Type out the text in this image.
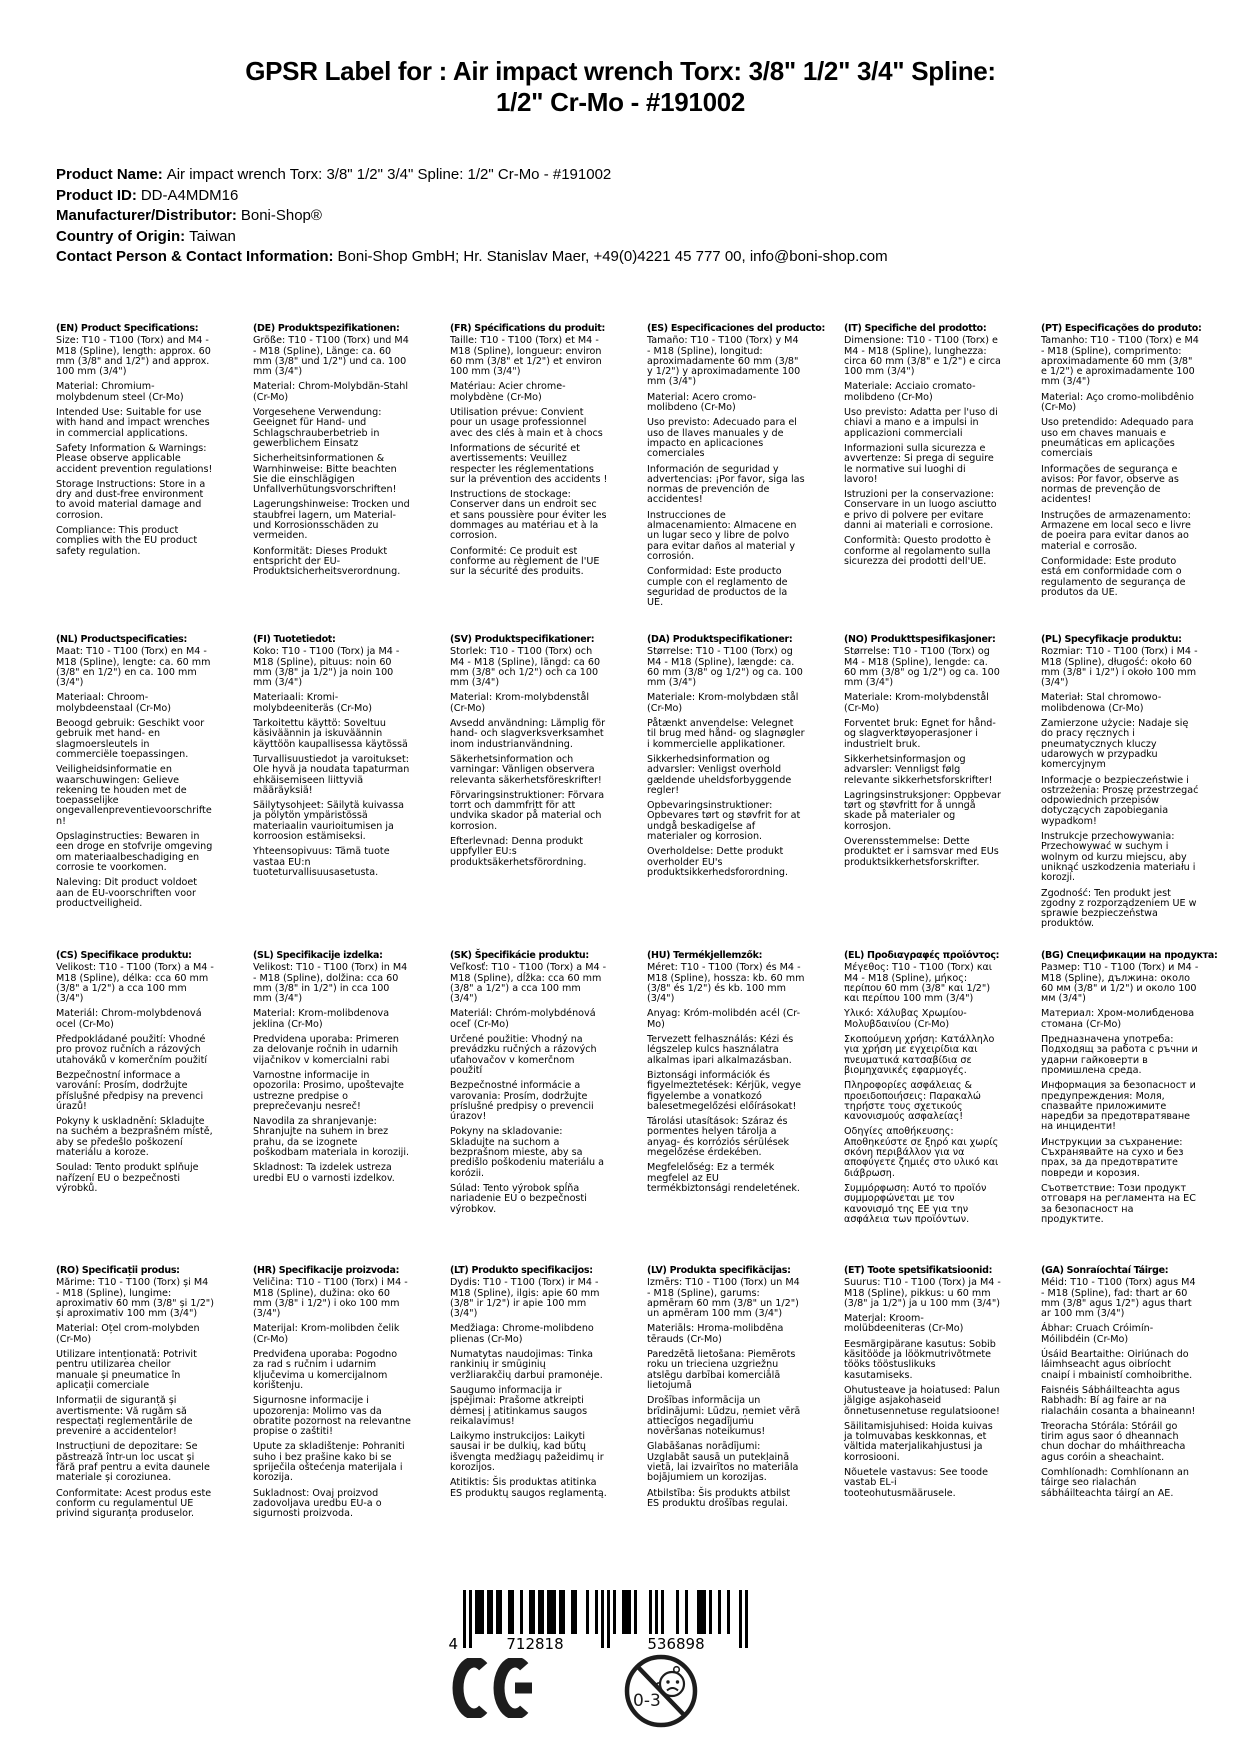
GPSR Label for : Air impact wrench Torx: 3/8" 1/2" 3/4" Spline:
1/2" Cr-Mo - #191002
Product Name: Air impact wrench Torx: 3/8" 1/2" 3/4" Spline: 1/2" Cr-Mo - #191002
Product ID: DD-A4MDM16
Manufacturer/Distributor: Boni-Shop®
Country of Origin: Taiwan
Contact Person & Contact Information: Boni-Shop GmbH; Hr. Stanislav Maer, +49(0)4221 45 777 00, info@boni-shop.com
(EN) Product Specifications:

Size: T10 - T100 (Torx) and M4 - M18 (Spline), length: approx. 60 mm (3/8" and 1/2") and approx. 100 mm (3/4")

Material: Chromium-molybdenum steel (Cr-Mo)

Intended Use: Suitable for use with hand and impact wrenches in commercial applications.

Safety Information & Warnings: Please observe applicable accident prevention regulations!

Storage Instructions: Store in a dry and dust-free environment to avoid material damage and corrosion.

Compliance: This product complies with the EU product safety regulation.

(DE) Produktspezifikationen:

Größe: T10 - T100 (Torx) und M4 - M18 (Spline), Länge: ca. 60 mm (3/8" und 1/2") und ca. 100 mm (3/4")

Material: Chrom-Molybdän-Stahl (Cr-Mo)

Vorgesehene Verwendung: Geeignet für Hand- und Schlagschrauberbetrieb in gewerblichem Einsatz

Sicherheitsinformationen & Warnhinweise: Bitte beachten Sie die einschlägigen Unfallverhütungsvorschriften!

Lagerungshinweise: Trocken und staubfrei lagern, um Material- und Korrosionsschäden zu vermeiden.

Konformität: Dieses Produkt entspricht der EU-Produktsicherheitsverordnung.

(FR) Spécifications du produit:

Taille: T10 - T100 (Torx) et M4 - M18 (Spline), longueur: environ 60 mm (3/8" et 1/2") et environ 100 mm (3/4")

Matériau: Acier chrome-molybdène (Cr-Mo)

Utilisation prévue: Convient pour un usage professionnel avec des clés à main et à chocs

Informations de sécurité et avertissements: Veuillez respecter les réglementations sur la prévention des accidents !

Instructions de stockage: Conserver dans un endroit sec et sans poussière pour éviter les dommages au matériau et à la corrosion.

Conformité: Ce produit est conforme au règlement de l'UE sur la sécurité des produits.

(ES) Especificaciones del producto:

Tamaño: T10 - T100 (Torx) y M4 - M18 (Spline), longitud: aproximadamente 60 mm (3/8" y 1/2") y aproximadamente 100 mm (3/4")

Material: Acero cromo-molibdeno (Cr-Mo)

Uso previsto: Adecuado para el uso de llaves manuales y de impacto en aplicaciones comerciales

Información de seguridad y advertencias: ¡Por favor, siga las normas de prevención de accidentes!

Instrucciones de almacenamiento: Almacene en un lugar seco y libre de polvo para evitar daños al material y corrosión.

Conformidad: Este producto cumple con el reglamento de seguridad de productos de la UE.

(IT) Specifiche del prodotto:

Dimensione: T10 - T100 (Torx) e M4 - M18 (Spline), lunghezza: circa 60 mm (3/8" e 1/2") e circa 100 mm (3/4")

Materiale: Acciaio cromato-molibdeno (Cr-Mo)

Uso previsto: Adatta per l'uso di chiavi a mano e a impulsi in applicazioni commerciali

Informazioni sulla sicurezza e avvertenze: Si prega di seguire le normative sui luoghi di lavoro!

Istruzioni per la conservazione: Conservare in un luogo asciutto e privo di polvere per evitare danni ai materiali e corrosione.

Conformità: Questo prodotto è conforme al regolamento sulla sicurezza dei prodotti dell'UE.

(PT) Especificações do produto:

Tamanho: T10 - T100 (Torx) e M4 - M18 (Spline), comprimento: aproximadamente 60 mm (3/8" e 1/2") e aproximadamente 100 mm (3/4")

Material: Aço cromo-molibdênio (Cr-Mo)

Uso pretendido: Adequado para uso em chaves manuais e pneumáticas em aplicações comerciais

Informações de segurança e avisos: Por favor, observe as normas de prevenção de acidentes!

Instruções de armazenamento: Armazene em local seco e livre de poeira para evitar danos ao material e corrosão.

Conformidade: Este produto está em conformidade com o regulamento de segurança de produtos da UE.

(NL) Productspecificaties:

Maat: T10 - T100 (Torx) en M4 - M18 (Spline), lengte: ca. 60 mm (3/8" en 1/2") en ca. 100 mm (3/4")

Materiaal: Chroom-molybdeenstaal (Cr-Mo)

Beoogd gebruik: Geschikt voor gebruik met hand- en slagmoersleutels in commerciële toepassingen.

Veiligheidsinformatie en waarschuwingen: Gelieve rekening te houden met de toepasselijke ongevallenpreventievoorschriften!

Opslaginstructies: Bewaren in een droge en stofvrije omgeving om materiaalbeschadiging en corrosie te voorkomen.

Naleving: Dit product voldoet aan de EU-voorschriften voor productveiligheid.

(FI) Tuotetiedot:

Koko: T10 - T100 (Torx) ja M4 - M18 (Spline), pituus: noin 60 mm (3/8" ja 1/2") ja noin 100 mm (3/4")

Materiaali: Kromi-molybdeeniteräs (Cr-Mo)

Tarkoitettu käyttö: Soveltuu käsiväännin ja iskuväännin käyttöön kaupallisessa käytössä

Turvallisuustiedot ja varoitukset: Ole hyvä ja noudata tapaturman ehkäisemiseen liittyviä määräyksiä!

Säilytysohjeet: Säilytä kuivassa ja pölytön ympäristössä materiaalin vaurioitumisen ja korroosion estämiseksi.

Yhteensopivuus: Tämä tuote vastaa EU:n tuoteturvallisuusasetusta.

(SV) Produktspecifikationer:

Storlek: T10 - T100 (Torx) och M4 - M18 (Spline), längd: ca 60 mm (3/8" och 1/2") och ca 100 mm (3/4")

Material: Krom-molybdenstål (Cr-Mo)

Avsedd användning: Lämplig för hand- och slagverksverksamhet inom industrianvändning.

Säkerhetsinformation och varningar: Vänligen observera relevanta säkerhetsföreskrifter!

Förvaringsinstruktioner: Förvara torrt och dammfritt för att undvika skador på material och korrosion.

Efterlevnad: Denna produkt uppfyller EU:s produktsäkerhetsförordning.

(DA) Produktspecifikationer:

Størrelse: T10 - T100 (Torx) og M4 - M18 (Spline), længde: ca. 60 mm (3/8" og 1/2") og ca. 100 mm (3/4")

Materiale: Krom-molybdæn stål (Cr-Mo)

Påtænkt anvendelse: Velegnet til brug med hånd- og slagnøgler i kommercielle applikationer.

Sikkerhedsinformation og advarsler: Venligst overhold gældende uheldsforbyggende regler!

Opbevaringsinstruktioner: Opbevares tørt og støvfrit for at undgå beskadigelse af materialer og korrosion.

Overholdelse: Dette produkt overholder EU's produktsikkerhedsforordning.

(NO) Produkttspesifikasjoner:

Størrelse: T10 - T100 (Torx) og M4 - M18 (Spline), lengde: ca. 60 mm (3/8" og 1/2") og ca. 100 mm (3/4")

Materiale: Krom-molybdenstål (Cr-Mo)

Forventet bruk: Egnet for hånd- og slagverktøyoperasjoner i industrielt bruk.

Sikkerhetsinformasjon og advarsler: Vennligst følg relevante sikkerhetsforskrifter!

Lagringsinstruksjoner: Oppbevar tørt og støvfritt for å unngå skade på materialer og korrosjon.

Overensstemmelse: Dette produktet er i samsvar med EUs produktsikkerhetsforskrifter.

(PL) Specyfikacje produktu:

Rozmiar: T10 - T100 (Torx) i M4 - M18 (Spline), długość: około 60 mm (3/8" i 1/2") i około 100 mm (3/4")

Materiał: Stal chromowo-molibdenowa (Cr-Mo)

Zamierzone użycie: Nadaje się do pracy ręcznych i pneumatycznych kluczy udarowych w przypadku komercyjnym

Informacje o bezpieczeństwie i ostrzeżenia: Proszę przestrzegać odpowiednich przepisów dotyczących zapobiegania wypadkom!

Instrukcje przechowywania: Przechowywać w suchym i wolnym od kurzu miejscu, aby uniknąć uszkodzenia materiału i korozji.

Zgodność: Ten produkt jest zgodny z rozporządzeniem UE w sprawie bezpieczeństwa produktów.

(CS) Specifikace produktu:

Velikost: T10 - T100 (Torx) a M4 - M18 (Spline), délka: cca 60 mm (3/8" a 1/2") a cca 100 mm (3/4")

Materiál: Chrom-molybdenová ocel (Cr-Mo)

Předpokládané použití: Vhodné pro provoz ručních a rázových utahováků v komerčním použití

Bezpečnostní informace a varování: Prosím, dodržujte příslušné předpisy na prevenci úrazů!

Pokyny k uskladnění: Skladujte na suchém a bezprašném místě, aby se předešlo poškození materiálu a koroze.

Soulad: Tento produkt splňuje nařízení EU o bezpečnosti výrobků.

(SL) Specifikacije izdelka:

Velikost: T10 - T100 (Torx) in M4 - M18 (Spline), dolžina: cca 60 mm (3/8" in 1/2") in cca 100 mm (3/4")

Material: Krom-molibdenova jeklina (Cr-Mo)

Predvidena uporaba: Primeren za delovanje ročnih in udarnih vijačnikov v komercialni rabi

Varnostne informacije in opozorila: Prosimo, upoštevajte ustrezne predpise o preprečevanju nesreč!

Navodila za shranjevanje: Shranjujte na suhem in brez prahu, da se izognete poškodbam materiala in koroziji.

Skladnost: Ta izdelek ustreza uredbi EU o varnosti izdelkov.

(SK) Špecifikácie produktu:

Veľkosť: T10 - T100 (Torx) a M4 - M18 (Spline), dĺžka: cca 60 mm (3/8" a 1/2") a cca 100 mm (3/4")

Materiál: Chróm-molybdénová oceľ (Cr-Mo)

Určené použitie: Vhodný na prevádzku ručných a rázových uťahovačov v komerčnom použití

Bezpečnostné informácie a varovania: Prosím, dodržujte príslušné predpisy o prevencii úrazov!

Pokyny na skladovanie: Skladujte na suchom a bezprašnom mieste, aby sa predišlo poškodeniu materiálu a korózii.

Súlad: Tento výrobok spĺňa nariadenie EÚ o bezpečnosti výrobkov.

(HU) Termékjellemzők:

Méret: T10 - T100 (Torx) és M4 - M18 (Spline), hossza: kb. 60 mm (3/8" és 1/2") és kb. 100 mm (3/4")

Anyag: Króm-molibdén acél (Cr-Mo)

Tervezett felhasználás: Kézi és légszelep kulcs használatra alkalmas ipari alkalmazásban.

Biztonsági információk és figyelmeztetések: Kérjük, vegye figyelembe a vonatkozó balesetmegelőzési előírásokat!

Tárolási utasítások: Száraz és pormentes helyen tárolja a anyag- és korróziós sérülések megelőzése érdekében.

Megfelelőség: Ez a termék megfelel az EU termékbiztonsági rendeletének.

(EL) Προδιαγραφές προϊόντος:

Μέγεθος: T10 - T100 (Torx) και M4 - M18 (Spline), μήκος: περίπου 60 mm (3/8" και 1/2") και περίπου 100 mm (3/4")

Υλικό: Χάλυβας Χρωμίου-Μολυβδαινίου (Cr-Mo)

Σκοπούμενη χρήση: Κατάλληλο για χρήση με εγχειρίδια και πνευματικά κατσαβίδια σε βιομηχανικές εφαρμογές.

Πληροφορίες ασφάλειας & προειδοποιήσεις: Παρακαλώ τηρήστε τους σχετικούς κανονισμούς ασφαλείας!

Οδηγίες αποθήκευσης: Αποθηκεύστε σε ξηρό και χωρίς σκόνη περιβάλλον για να αποφύγετε ζημιές στο υλικό και διάβρωση.

Συμμόρφωση: Αυτό το προϊόν συμμορφώνεται με τον κανονισμό της ΕΕ για την ασφάλεια των προϊόντων.

(BG) Спецификации на продукта:

Размер: T10 - T100 (Torx) и M4 - M18 (Spline), дължина: около 60 мм (3/8" и 1/2") и около 100 мм (3/4")

Материал: Хром-молибденова стомана (Cr-Mo)

Предназначена употреба: Подходящ за работа с ръчни и ударни гайковерти в промишлена среда.

Информация за безопасност и предупреждения: Моля, спазвайте приложимите наредби за предотвратяване на инциденти!

Инструкции за съхранение: Съхранявайте на сухо и без прах, за да предотвратите повреди и корозия.

Съответствие: Този продукт отговаря на регламента на ЕС за безопасност на продуктите.

(RO) Specificații produs:

Mărime: T10 - T100 (Torx) și M4 - M18 (Spline), lungime: aproximativ 60 mm (3/8" și 1/2") și aproximativ 100 mm (3/4")

Material: Oțel crom-molybden (Cr-Mo)

Utilizare intenționată: Potrivit pentru utilizarea cheilor manuale și pneumatice în aplicații comerciale

Informații de siguranță și avertismente: Vă rugăm să respectați reglementările de prevenire a accidentelor!

Instrucțiuni de depozitare: Se păstrează într-un loc uscat și fără praf pentru a evita daunele materiale și coroziunea.

Conformitate: Acest produs este conform cu regulamentul UE privind siguranța produselor.

(HR) Specifikacije proizvoda:

Veličina: T10 - T100 (Torx) i M4 - M18 (Spline), dužina: oko 60 mm (3/8" i 1/2") i oko 100 mm (3/4")

Materijal: Krom-molibden čelik (Cr-Mo)

Predviđena uporaba: Pogodno za rad s ručnim i udarnim ključevima u komercijalnom korištenju.

Sigurnosne informacije i upozorenja: Molimo vas da obratite pozornost na relevantne propise o zaštiti!

Upute za skladištenje: Pohraniti suho i bez prašine kako bi se spriječila oštećenja materijala i korozija.

Sukladnost: Ovaj proizvod zadovoljava uredbu EU-a o sigurnosti proizvoda.

(LT) Produkto specifikacijos:

Dydis: T10 - T100 (Torx) ir M4 - M18 (Spline), ilgis: apie 60 mm (3/8" ir 1/2") ir apie 100 mm (3/4")

Medžiaga: Chrome-molibdeno plienas (Cr-Mo)

Numatytas naudojimas: Tinka rankinių ir smūginių veržliarakčių darbui pramonėje.

Saugumo informacija ir įspėjimai: Prašome atkreipti dėmesį į atitinkamus saugos reikalavimus!

Laikymo instrukcijos: Laikyti sausai ir be dulkių, kad būtų išvengta medžiagų pažeidimų ir korozijos.

Atitiktis: Šis produktas atitinka ES produktų saugos reglamentą.

(LV) Produkta specifikācijas:

Izmērs: T10 - T100 (Torx) un M4 - M18 (Spline), garums: apmēram 60 mm (3/8" un 1/2") un apmēram 100 mm (3/4")

Materiāls: Hroma-molibdēna tērauds (Cr-Mo)

Paredzētā lietošana: Piemērots roku un trieciena uzgriežņu atslēgu darbībai komerciālā lietojumā

Drošības informācija un brīdinājumi: Lūdzu, ņemiet vērā attiecīgos negadījumu novēršanas noteikumus!

Glabāšanas norādījumi: Uzglabāt sausā un putekļainā vietā, lai izvairītos no materiāla bojājumiem un korozijas.

Atbilstība: Šis produkts atbilst ES produktu drošības regulai.

(ET) Toote spetsifikatsioonid:

Suurus: T10 - T100 (Torx) ja M4 - M18 (Spline), pikkus: u 60 mm (3/8" ja 1/2") ja u 100 mm (3/4")

Materjal: Kroom-molübdeeniteras (Cr-Mo)

Eesmärgipärane kasutus: Sobib käsitööde ja löökmutrivõtmete tööks tööstuslikuks kasutamiseks.

Ohutusteave ja hoiatused: Palun jälgige asjakohaseid õnnetusennetuse regulatsioone!

Säilitamisjuhised: Hoida kuivas ja tolmuvabas keskkonnas, et vältida materjalikahjustusi ja korrosiooni.

Nõuetele vastavus: See toode vastab EL-i tooteohutusmäärusele.

(GA) Sonraíochtaí Táirge:

Méid: T10 - T100 (Torx) agus M4 - M18 (Spline), fad: thart ar 60 mm (3/8" agus 1/2") agus thart ar 100 mm (3/4")

Ábhar: Cruach Cróimín-Móilibdéin (Cr-Mo)

Úsáid Beartaithe: Oiriúnach do láimhseacht agus oibríocht cnaipí i mbainistí comhoibrithe.

Faisnéis Sábháilteachta agus Rabhadh: Bí ag faire ar na rialacháin cosanta a bhaineann!

Treoracha Stórála: Stóráil go tirim agus saor ó dheannach chun dochar do mháithreacha agus coróin a sheachaint.

Comhlíonadh: Comhlíonann an táirge seo rialachán sábháilteachta táirgí an AE.

4	712818	536898
0-3
